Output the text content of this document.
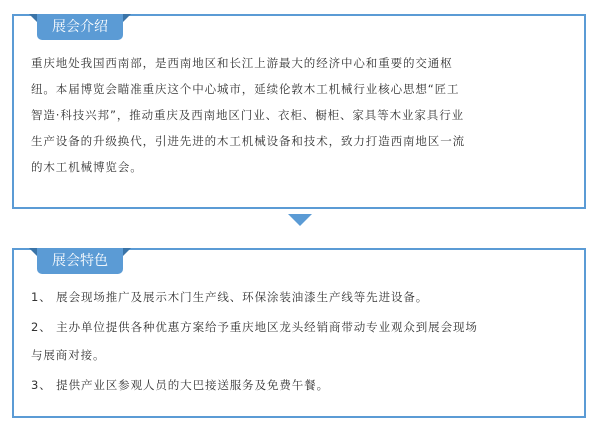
展会介绍
重庆地处我国西南部，是西南地区和长江上游最大的经济中心和重要的交通枢
纽。本届博览会瞄准重庆这个中心城市，延续伦敦木工机械行业核心思想“匠工
智造·科技兴邦”，推动重庆及西南地区门业、衣柜、橱柜、家具等木业家具行业
生产设备的升级换代，引进先进的木工机械设备和技术，致力打造西南地区一流
的木工机械博览会。
展会特色
1、 展会现场推广及展示木门生产线、环保涂装油漆生产线等先进设备。
2、 主办单位提供各种优惠方案给予重庆地区龙头经销商带动专业观众到展会现场
与展商对接。
3、 提供产业区参观人员的大巴接送服务及免费午餐。
